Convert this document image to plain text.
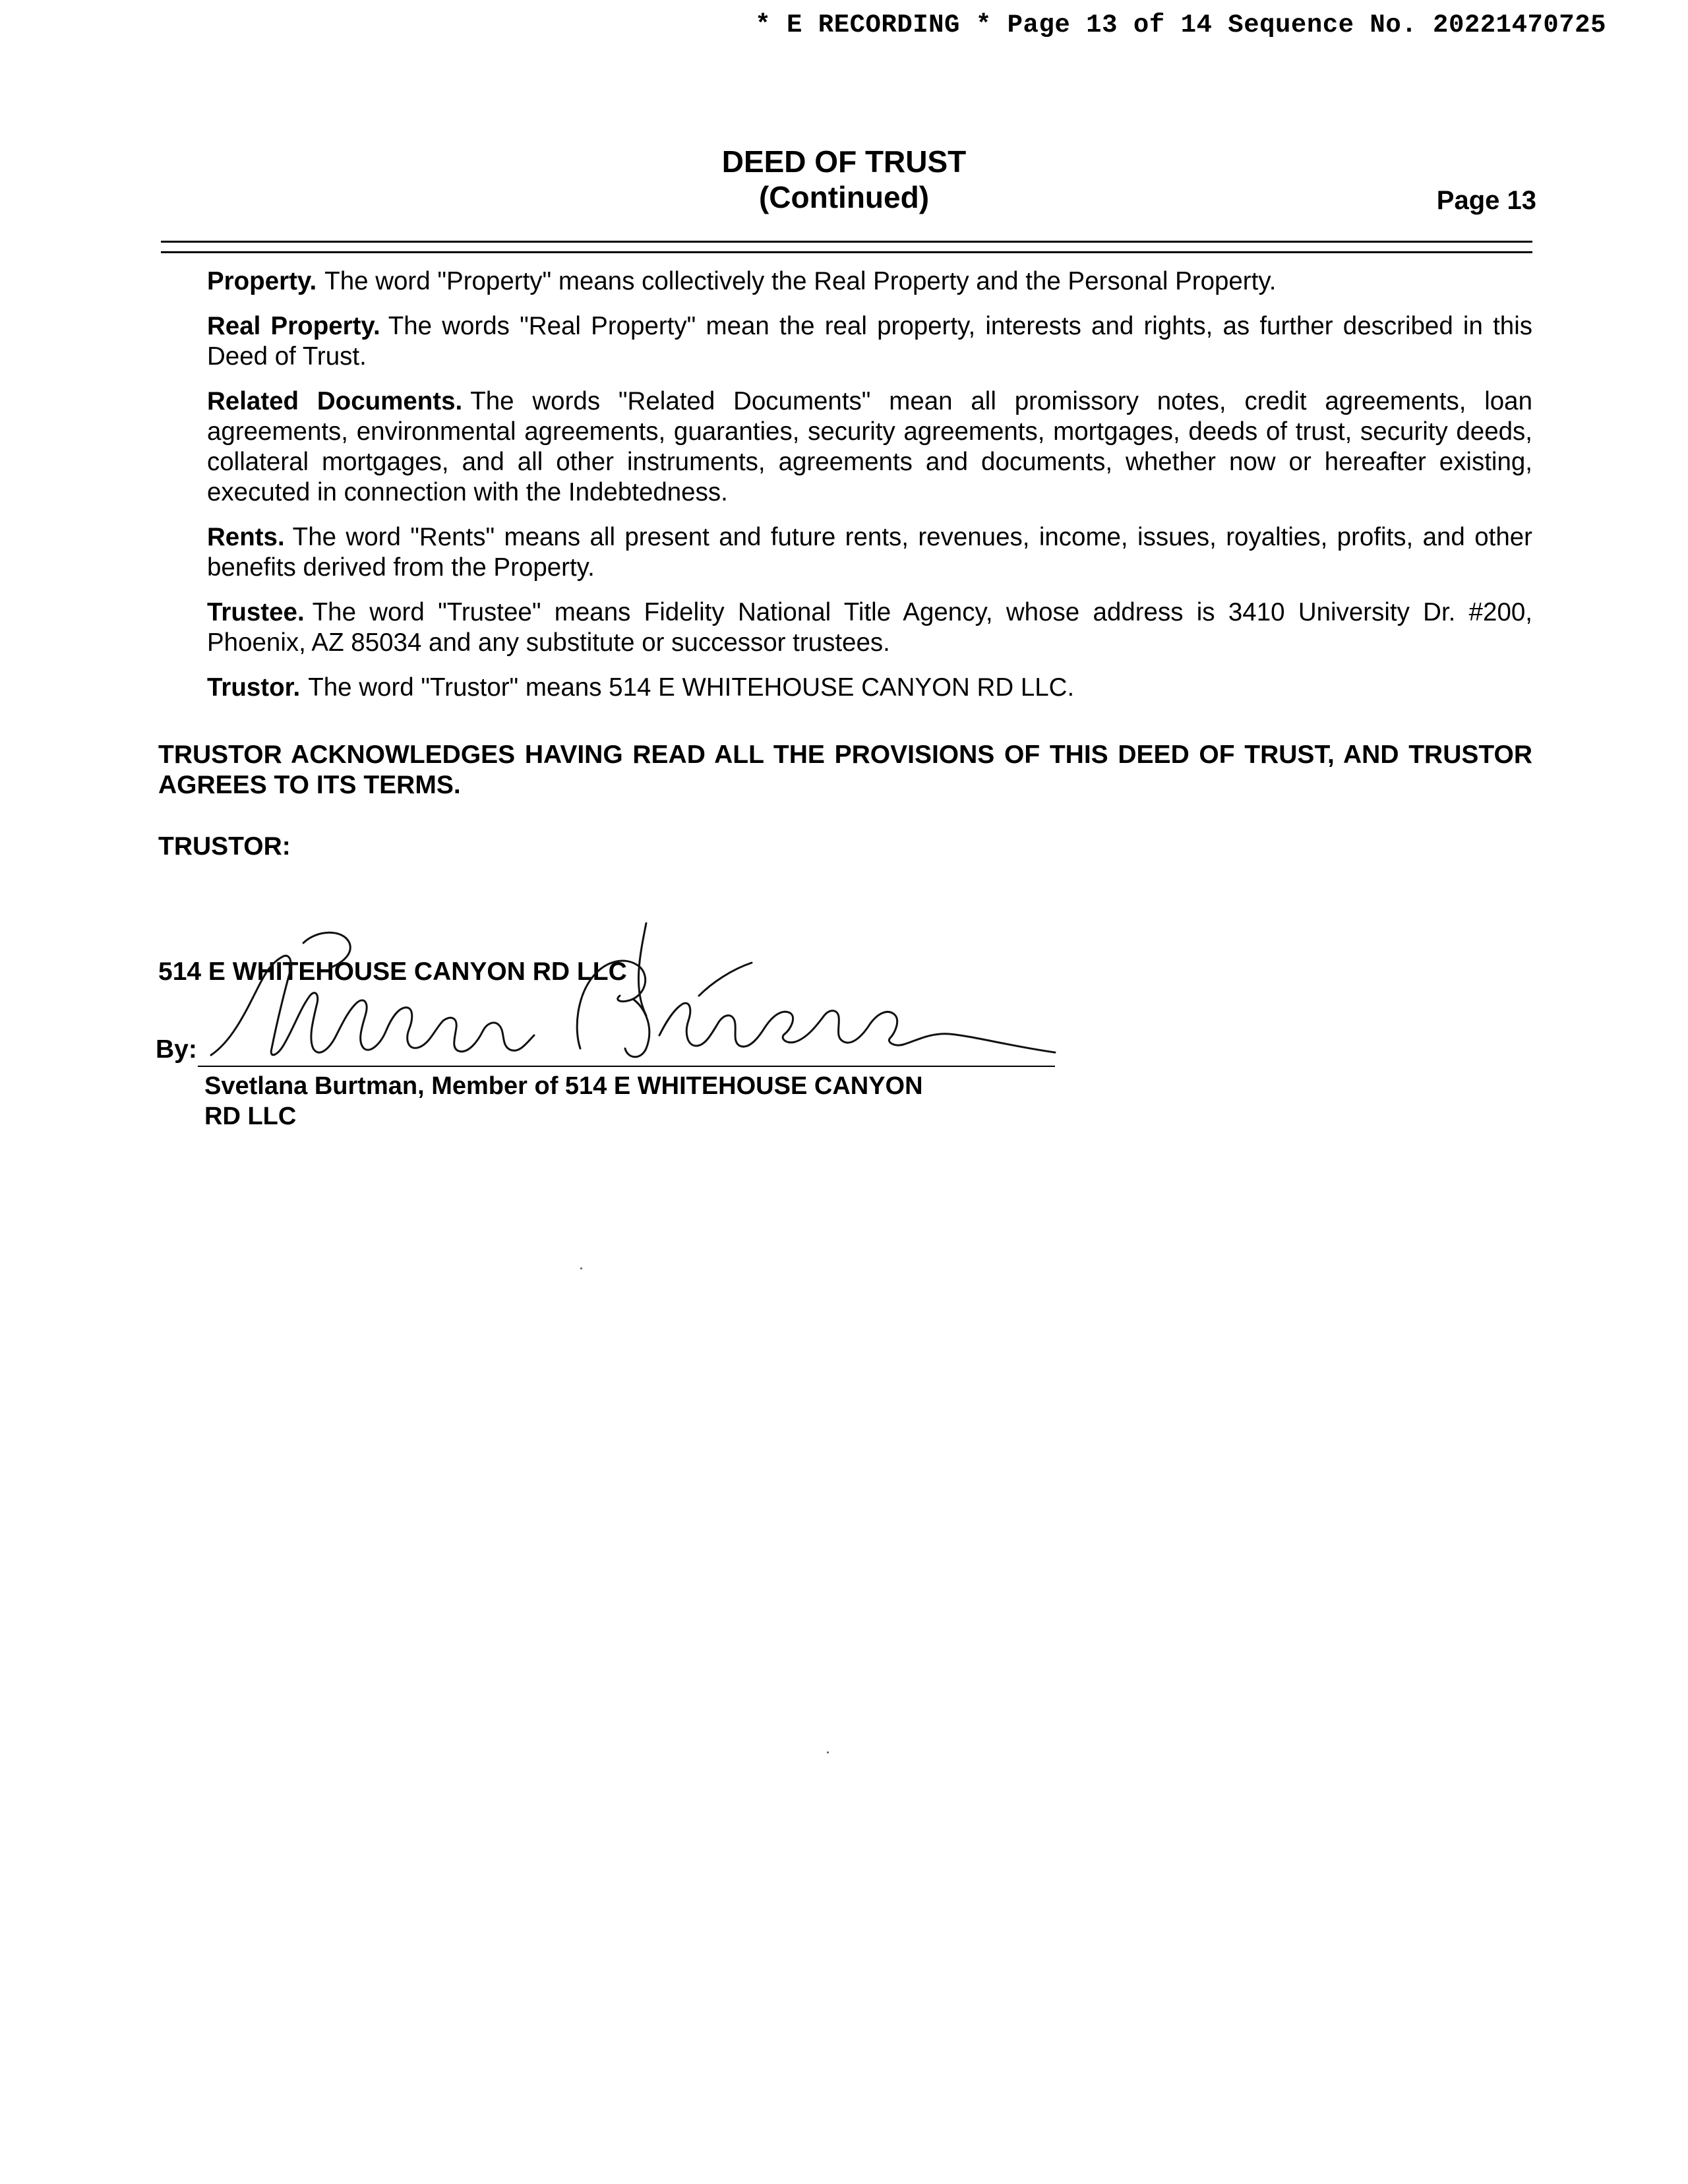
* E RECORDING * Page 13 of 14 Sequence No. 20221470725
DEED OF TRUST
(Continued)	Page 13

Property. The word "Property" means collectively the Real Property and the Personal Property.

Real Property. The words "Real Property" mean the real property, interests and rights, as further described in this Deed of Trust.

Related Documents. The words "Related Documents" mean all promissory notes, credit agreements, loan agreements, environmental agreements, guaranties, security agreements, mortgages, deeds of trust, security deeds, collateral mortgages, and all other instruments, agreements and documents, whether now or hereafter existing, executed in connection with the Indebtedness.

Rents. The word "Rents" means all present and future rents, revenues, income, issues, royalties, profits, and other benefits derived from the Property.

Trustee. The word "Trustee" means Fidelity National Title Agency, whose address is 3410 University Dr. #200, Phoenix, AZ 85034 and any substitute or successor trustees.

Trustor. The word "Trustor" means 514 E WHITEHOUSE CANYON RD LLC.

TRUSTOR ACKNOWLEDGES HAVING READ ALL THE PROVISIONS OF THIS DEED OF TRUST, AND TRUSTOR AGREES TO ITS TERMS.
TRUSTOR:
514 E WHITEHOUSE CANYON RD LLC
By:
Svetlana Burtman, Member of 514 E WHITEHOUSE CANYON
RD LLC
